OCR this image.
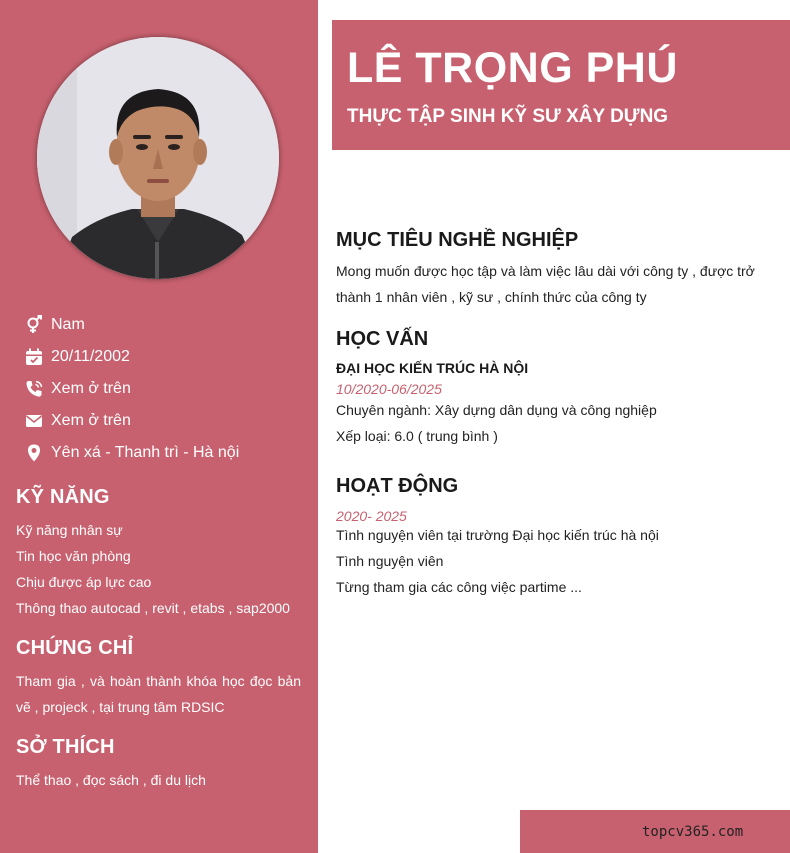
Nam
20/11/2002
Xem ở trên
Xem ở trên
Yên xá - Thanh trì - Hà nội
KỸ NĂNG
Kỹ năng nhân sự
Tin học văn phòng
Chịu được áp lực cao
Thông thao autocad , revit , etabs , sap2000
CHỨNG CHỈ

Tham gia , và hoàn thành khóa học đọc bản vẽ , projeck , tại trung tâm RDSIC

SỞ THÍCH

Thể thao , đọc sách , đi du lịch

LÊ TRỌNG PHÚ
THỰC TẬP SINH KỸ SƯ XÂY DỰNG
MỤC TIÊU NGHỀ NGHIỆP

Mong muốn được học tập và làm việc lâu dài với công ty , được trở thành 1 nhân viên , kỹ sư , chính thức của công ty

HỌC VẤN

ĐẠI HỌC KIẾN TRÚC HÀ NỘI

10/2020-06/2025

Chuyên ngành: Xây dựng dân dụng và công nghiệp

Xếp loại: 6.0 ( trung bình )

HOẠT ĐỘNG

2020- 2025

Tình nguyện viên tại trường Đại học kiến trúc hà nội

Tình nguyện viên

Từng tham gia các công việc partime ...

topcv365.com
